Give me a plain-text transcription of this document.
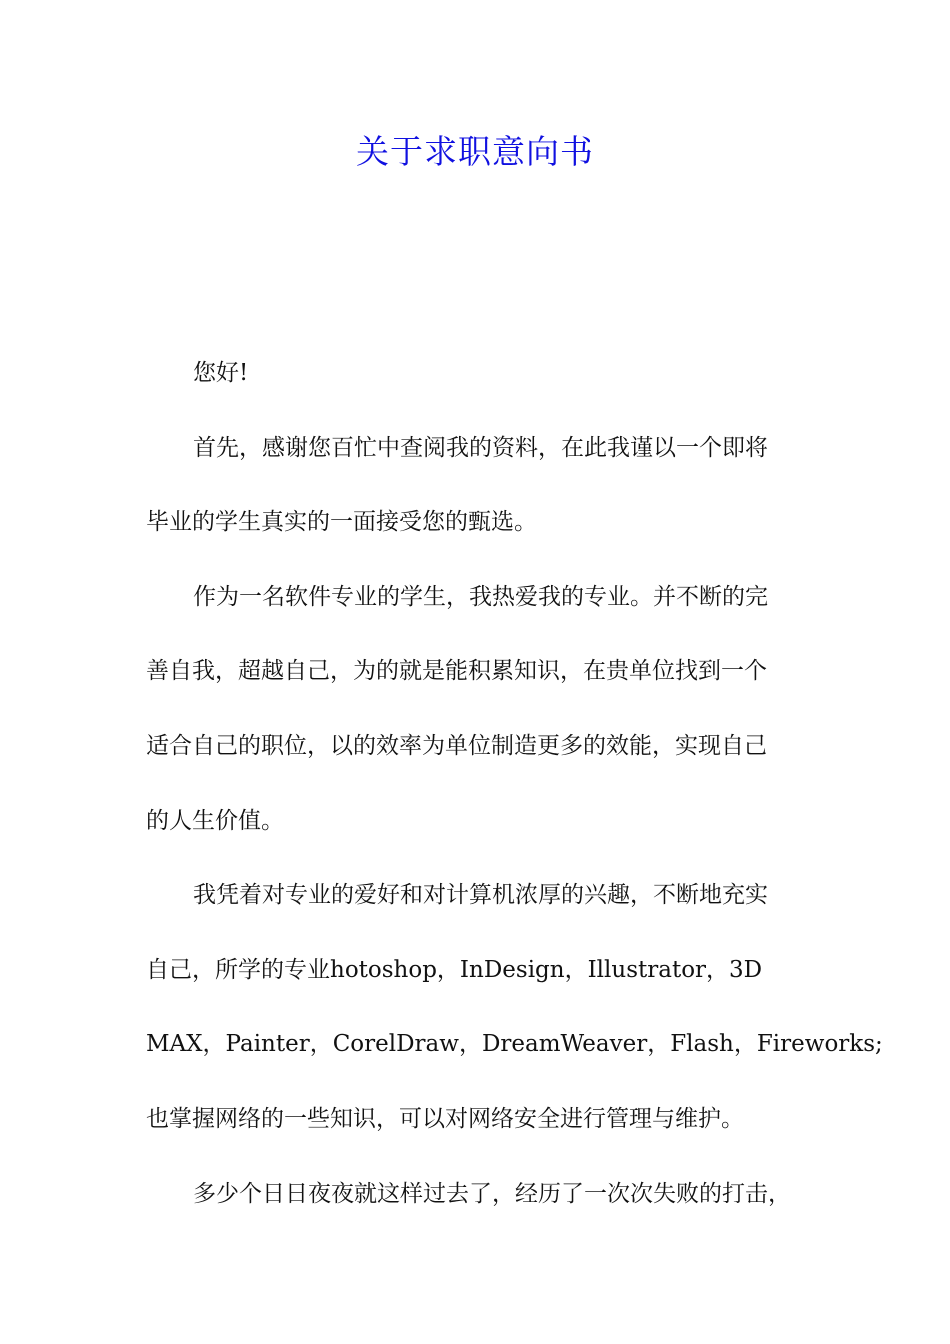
关于求职意向书
您好!
首先，感谢您百忙中查阅我的资料，在此我谨以一个即将
毕业的学生真实的一面接受您的甄选。
作为一名软件专业的学生，我热爱我的专业。并不断的完
善自我，超越自己，为的就是能积累知识，在贵单位找到一个
适合自己的职位，以的效率为单位制造更多的效能，实现自己
的人生价值。
我凭着对专业的爱好和对计算机浓厚的兴趣，不断地充实
自己，所学的专业hotoshop，InDesign，Illustrator，3D
MAX，Painter，CorelDraw，DreamWeaver，Flash，Fireworks;
也掌握网络的一些知识，可以对网络安全进行管理与维护。
多少个日日夜夜就这样过去了，经历了一次次失败的打击，
